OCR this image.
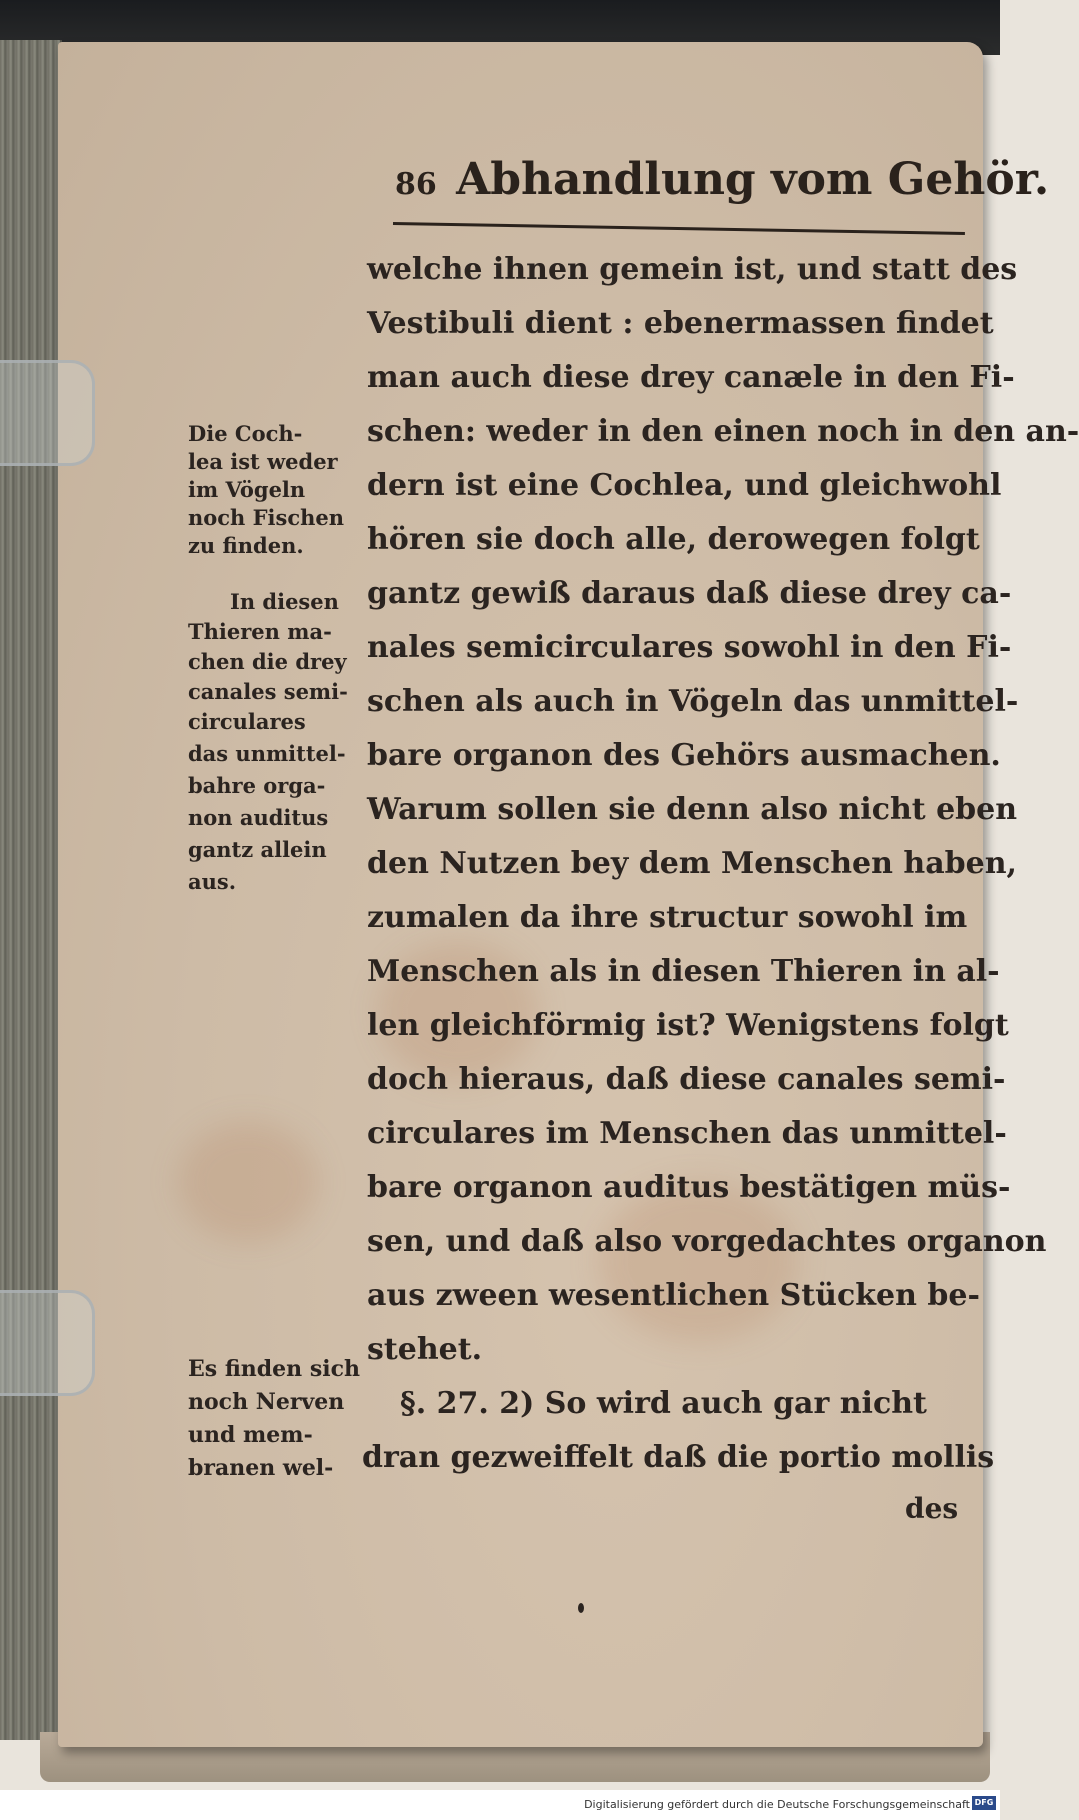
86 Abhandlung vom Gehör.
welche ihnen gemein ist, und statt des
Vestibuli dient : ebenermassen findet
man auch diese drey canæle in den Fi-
schen: weder in den einen noch in den an-
dern ist eine Cochlea, und gleichwohl
hören sie doch alle, derowegen folgt
gantz gewiß daraus daß diese drey ca-
nales semicirculares sowohl in den Fi-
schen als auch in Vögeln das unmittel-
bare organon des Gehörs ausmachen.
Warum sollen sie denn also nicht eben
den Nutzen bey dem Menschen haben,
zumalen da ihre structur sowohl im
Menschen als in diesen Thieren in al-
len gleichförmig ist? Wenigstens folgt
doch hieraus, daß diese canales semi-
circulares im Menschen das unmittel-
bare organon auditus bestätigen müs-
sen, und daß also vorgedachtes organon
aus zween wesentlichen Stücken be-
stehet.
§. 27. 2) So wird auch gar nicht
dran gezweiffelt daß die portio mollis
Die Coch-
lea ist weder
im Vögeln
noch Fischen
zu finden.
In diesen
Thieren ma-
chen die drey
canales semi-
circulares
das unmittel-
bahre orga-
non auditus
gantz allein
aus.
Es finden sich
noch Nerven
und mem-
branen wel-
des
Digitalisierung gefördert durch die Deutsche Forschungsgemeinschaft DFG
